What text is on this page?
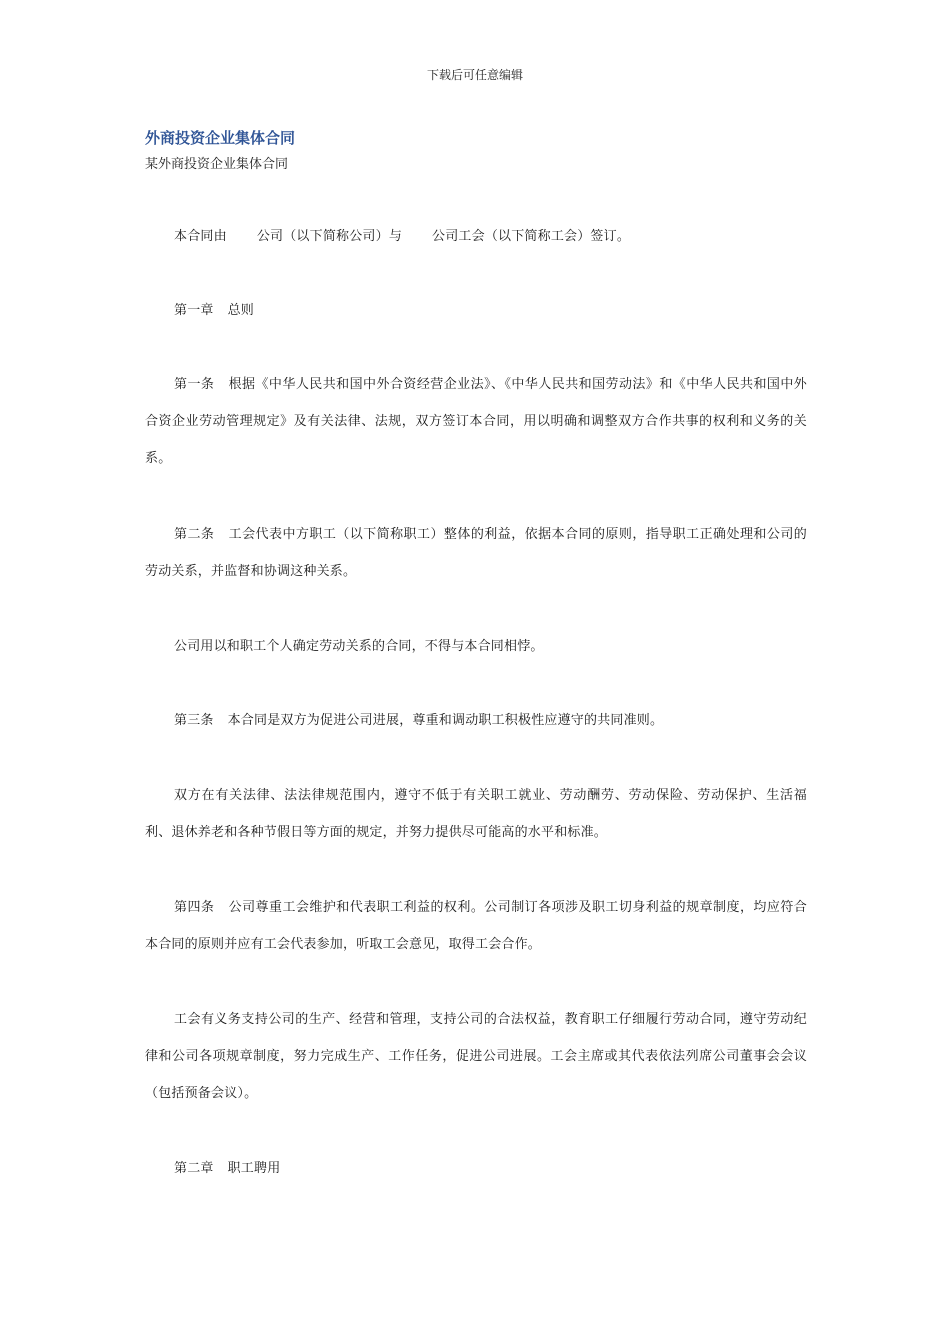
下载后可任意编辑
外商投资企业集体合同
某外商投资企业集体合同

本合同由 公司（以下简称公司）与 公司工会（以下简称工会）签订。

第一章 总则

第一条 根据《中华人民共和国中外合资经营企业法》、《中华人民共和国劳动法》和《中华人民共和国中外合资企业劳动管理规定》及有关法律、法规，双方签订本合同，用以明确和调整双方合作共事的权利和义务的关系。

第二条 工会代表中方职工（以下简称职工）整体的利益，依据本合同的原则，指导职工正确处理和公司的劳动关系，并监督和协调这种关系。

公司用以和职工个人确定劳动关系的合同，不得与本合同相悖。

第三条 本合同是双方为促进公司进展，尊重和调动职工积极性应遵守的共同准则。

双方在有关法律、法法律规范围内，遵守不低于有关职工就业、劳动酬劳、劳动保险、劳动保护、生活福利、退休养老和各种节假日等方面的规定，并努力提供尽可能高的水平和标准。

第四条 公司尊重工会维护和代表职工利益的权利。公司制订各项涉及职工切身利益的规章制度，均应符合本合同的原则并应有工会代表参加，听取工会意见，取得工会合作。

工会有义务支持公司的生产、经营和管理，支持公司的合法权益，教育职工仔细履行劳动合同，遵守劳动纪律和公司各项规章制度，努力完成生产、工作任务，促进公司进展。工会主席或其代表依法列席公司董事会会议（包括预备会议）。

第二章 职工聘用
